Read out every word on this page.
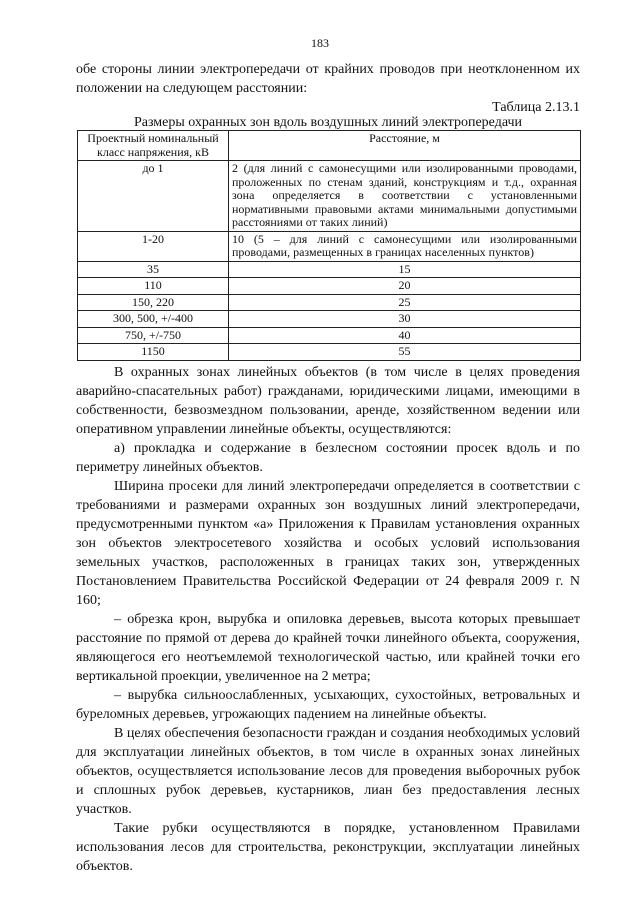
183

обе стороны линии электропередачи от крайних проводов при неотклоненном их положении на следующем расстоянии:

Таблица 2.13.1
Размеры охранных зон вдоль воздушных линий электропередачи
Проектный номинальный класс напряжения, кВ	Расстояние, м
до 1	2 (для линий с самонесущими или изолированными проводами, проложенных по стенам зданий, конструкциям и т.д., охранная зона определяется в соответствии с установленными нормативными правовыми актами минимальными допустимыми расстояниями от таких линий)
1-20	10 (5 – для линий с самонесущими или изолированными проводами, размещенных в границах населенных пунктов)
35	15
110	20
150, 220	25
300, 500, +/-400	30
750, +/-750	40
1150	55

В охранных зонах линейных объектов (в том числе в целях проведения аварийно-спасательных работ) гражданами, юридическими лицами, имеющими в собственности, безвозмездном пользовании, аренде, хозяйственном ведении или оперативном управлении линейные объекты, осуществляются:

а) прокладка и содержание в безлесном состоянии просек вдоль и по периметру линейных объектов.

Ширина просеки для линий электропередачи определяется в соответствии с требованиями и размерами охранных зон воздушных линий электропередачи, предусмотренными пунктом «а» Приложения к Правилам установления охранных зон объектов электросетевого хозяйства и особых условий использования земельных участков, расположенных в границах таких зон, утвержденных Постановлением Правительства Российской Федерации от 24 февраля 2009 г. N 160;

– обрезка крон, вырубка и опиловка деревьев, высота которых превышает расстояние по прямой от дерева до крайней точки линейного объекта, сооружения, являющегося его неотъемлемой технологической частью, или крайней точки его вертикальной проекции, увеличенное на 2 метра;

– вырубка сильноослабленных, усыхающих, сухостойных, ветровальных и буреломных деревьев, угрожающих падением на линейные объекты.

В целях обеспечения безопасности граждан и создания необходимых условий для эксплуатации линейных объектов, в том числе в охранных зонах линейных объектов, осуществляется использование лесов для проведения выборочных рубок и сплошных рубок деревьев, кустарников, лиан без предоставления лесных участков.

Такие рубки осуществляются в порядке, установленном Правилами использования лесов для строительства, реконструкции, эксплуатации линейных объектов.
